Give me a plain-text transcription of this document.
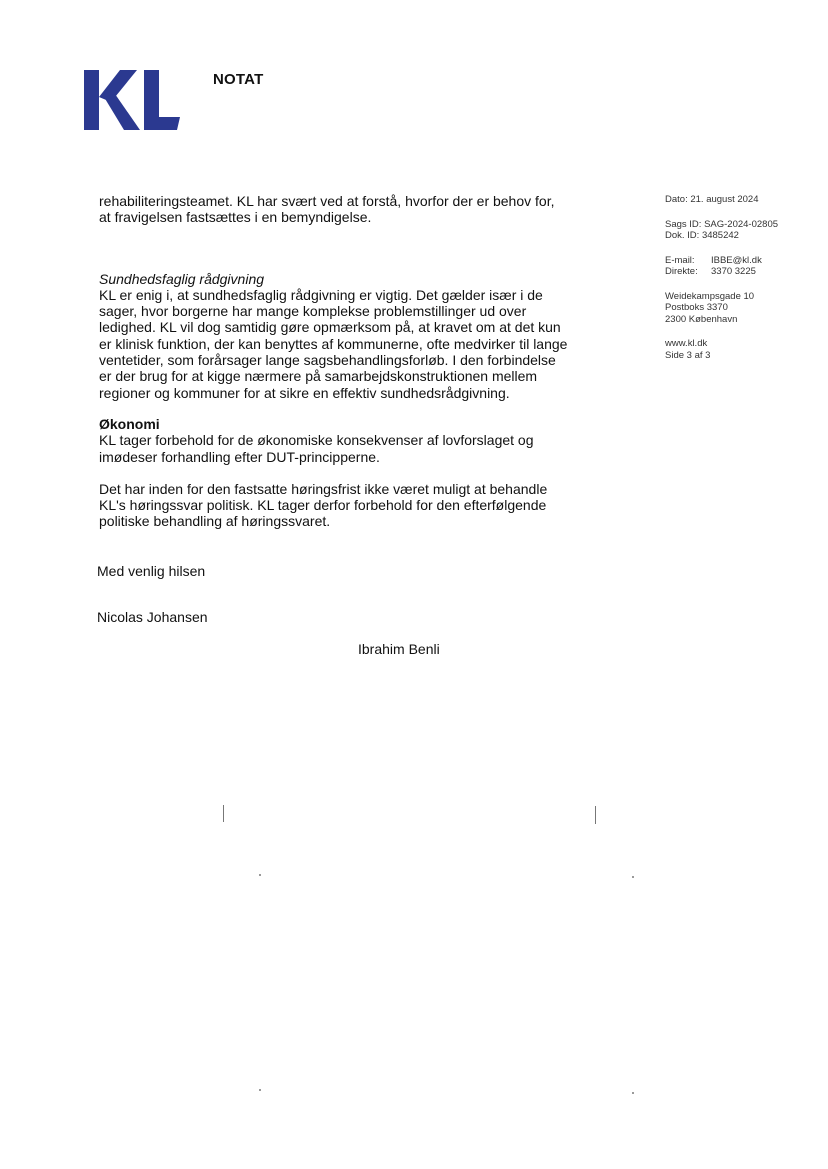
NOTAT
Dato: 21. august 2024
Sags ID: SAG-2024-02805
Dok. ID: 3485242
E-mail: IBBE@kl.dk
Direkte: 3370 3225
Weidekampsgade 10
Postboks 3370
2300 København
www.kl.dk
Side 3 af 3

rehabiliteringsteamet. KL har svært ved at forstå, hvorfor der er behov for, at fravigelsen fastsættes i en bemyndigelse.

Sundhedsfaglig rådgivning

KL er enig i, at sundhedsfaglig rådgivning er vigtig. Det gælder især i de sager, hvor borgerne har mange komplekse problemstillinger ud over ledighed. KL vil dog samtidig gøre opmærksom på, at kravet om at det kun er klinisk funktion, der kan benyttes af kommunerne, ofte medvirker til lange ventetider, som forårsager lange sagsbehandlingsforløb. I den forbindelse er der brug for at kigge nærmere på samarbejdskonstruktionen mellem regioner og kommuner for at sikre en effektiv sundhedsrådgivning.

Økonomi

KL tager forbehold for de økonomiske konsekvenser af lovforslaget og imødeser forhandling efter DUT-principperne.

Det har inden for den fastsatte høringsfrist ikke været muligt at behandle KL's høringssvar politisk. KL tager derfor forbehold for den efterfølgende politiske behandling af høringssvaret.

Med venlig hilsen
Nicolas Johansen
Ibrahim Benli
